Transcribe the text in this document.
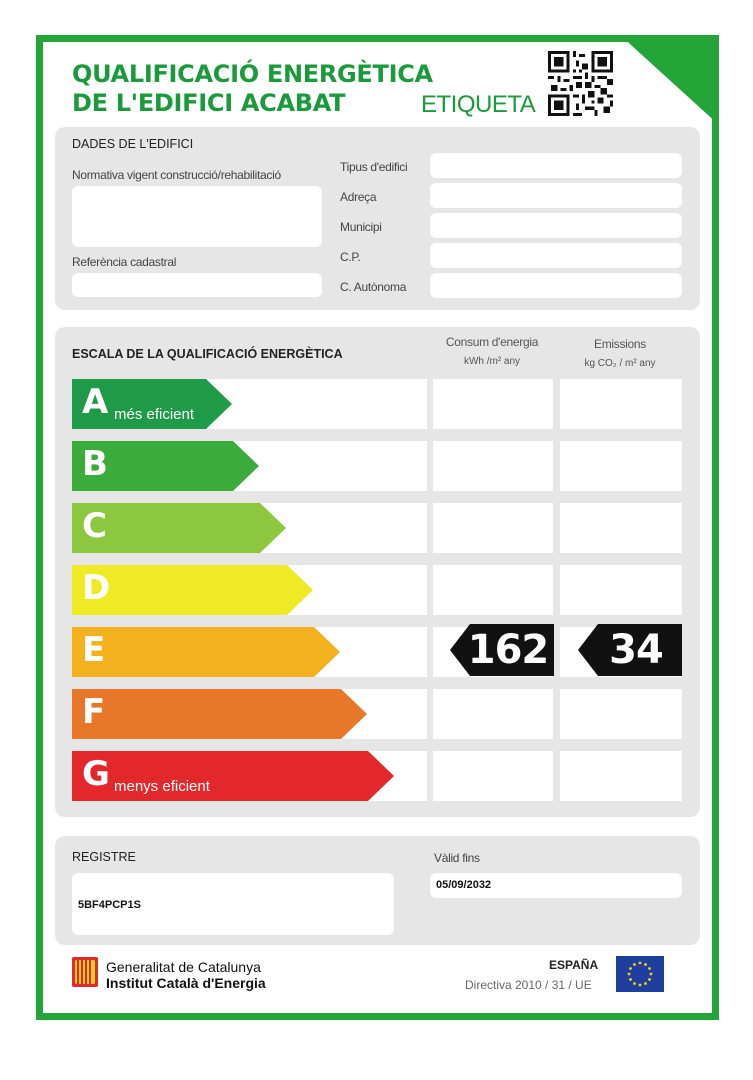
QUALIFICACIÓ ENERGÈTICA
DE L'EDIFICI ACABAT	ETIQUETA
DADES DE L'EDIFICI
Normativa vigent construcció/rehabilitació
Referència cadastral
Tipus d'edifici
Adreça
Municipi
C.P.
C. Autònoma
ESCALA DE LA QUALIFICACIÓ ENERGÈTICA
Consum d'energia
kWh /m² any
Emissions
kg CO₂ / m² any
A
B
C
D
E
F
G
més eficient
menys eficient
162	34
REGISTRE
5BF4PCP1S
Vàlid fins
05/09/2032
Generalitat de Catalunya
Institut Català d'Energia
ESPAÑA
Directiva 2010 / 31 / UE
